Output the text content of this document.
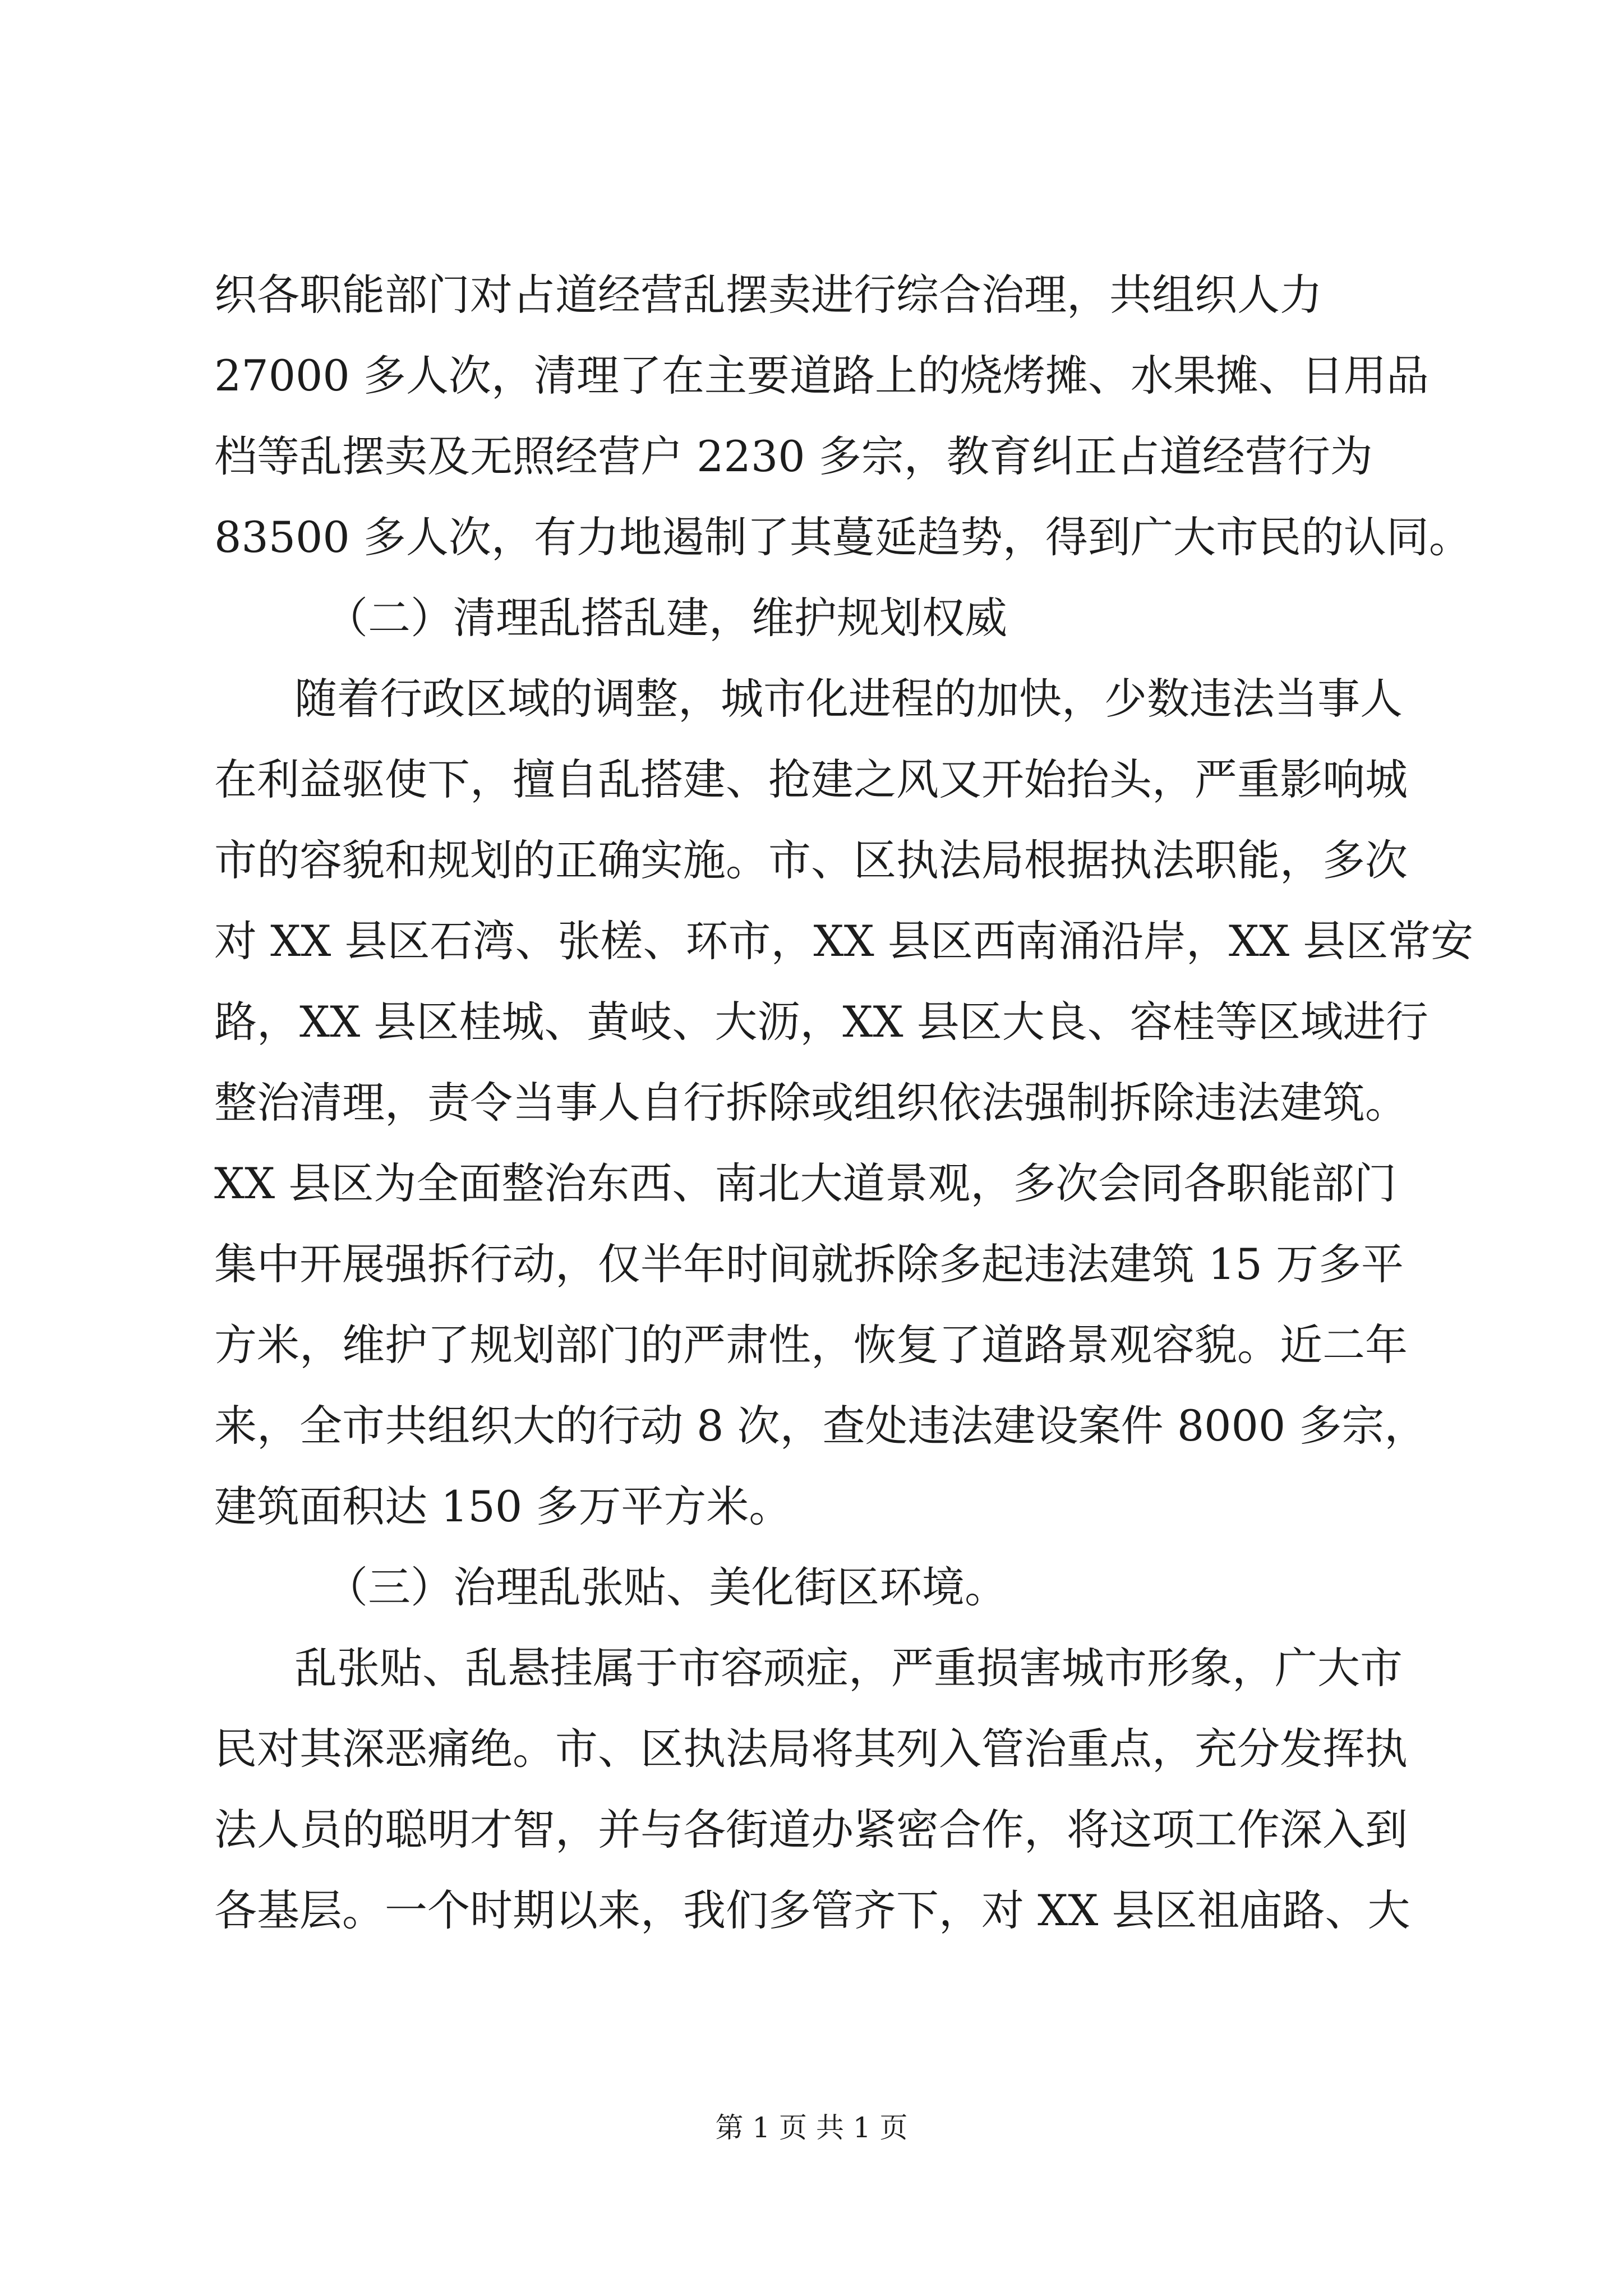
织各职能部门对占道经营乱摆卖进行综合治理，共组织人力

27000 多人次，清理了在主要道路上的烧烤摊、水果摊、日用品

档等乱摆卖及无照经营户 2230 多宗，教育纠正占道经营行为

83500 多人次，有力地遏制了其蔓延趋势，得到广大市民的认同。

（二）清理乱搭乱建，维护规划权威

随着行政区域的调整，城市化进程的加快，少数违法当事人

在利益驱使下，擅自乱搭建、抢建之风又开始抬头，严重影响城

市的容貌和规划的正确实施。市、区执法局根据执法职能，多次

对 XX 县区石湾、张槎、环市，XX 县区西南涌沿岸，XX 县区常安

路，XX 县区桂城、黄岐、大沥，XX 县区大良、容桂等区域进行

整治清理，责令当事人自行拆除或组织依法强制拆除违法建筑。

XX 县区为全面整治东西、南北大道景观，多次会同各职能部门

集中开展强拆行动，仅半年时间就拆除多起违法建筑 15 万多平

方米，维护了规划部门的严肃性，恢复了道路景观容貌。近二年

来，全市共组织大的行动 8 次，查处违法建设案件 8000 多宗，

建筑面积达 150 多万平方米。

（三）治理乱张贴、美化街区环境。

乱张贴、乱悬挂属于市容顽症，严重损害城市形象，广大市

民对其深恶痛绝。市、区执法局将其列入管治重点，充分发挥执

法人员的聪明才智，并与各街道办紧密合作，将这项工作深入到

各基层。一个时期以来，我们多管齐下，对 XX 县区祖庙路、大

第 1 页 共 1 页
